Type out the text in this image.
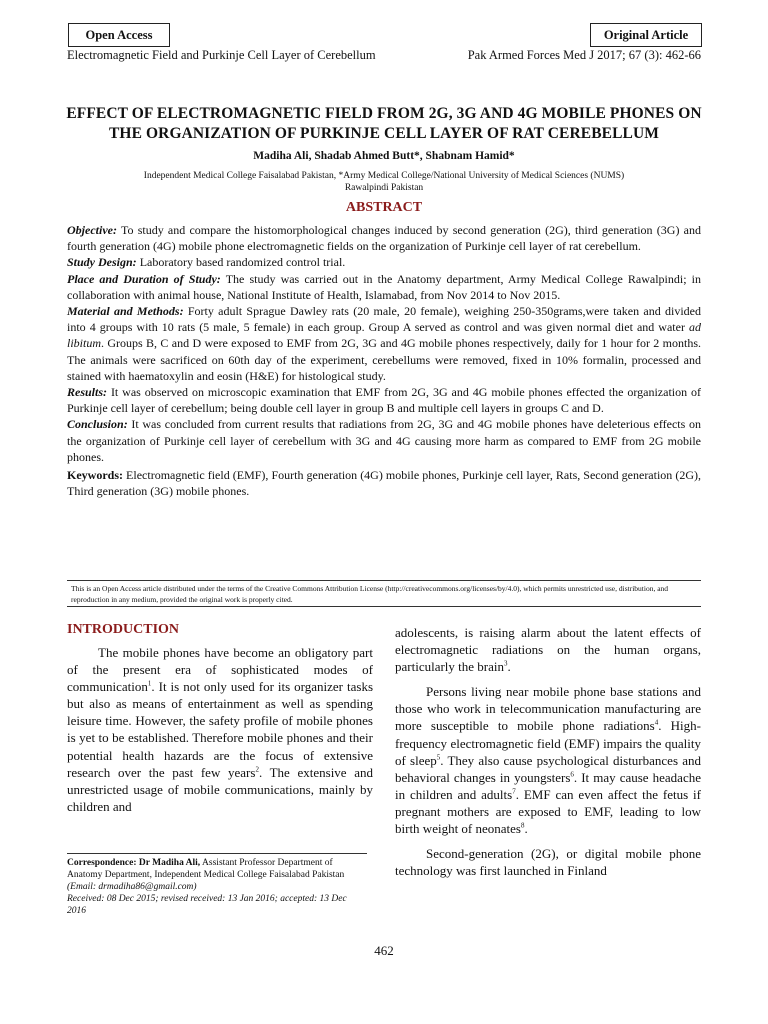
Open Access	Original Article
Electromagnetic Field and Purkinje Cell Layer of Cerebellum	Pak Armed Forces Med J 2017; 67 (3): 462-66
EFFECT OF ELECTROMAGNETIC FIELD FROM 2G, 3G AND 4G MOBILE PHONES ON
THE ORGANIZATION OF PURKINJE CELL LAYER OF RAT CEREBELLUM
Madiha Ali, Shadab Ahmed Butt*, Shabnam Hamid*
Independent Medical College Faisalabad Pakistan, *Army Medical College/National University of Medical Sciences (NUMS)
Rawalpindi Pakistan
ABSTRACT

Objective: To study and compare the histomorphological changes induced by second generation (2G), third generation (3G) and fourth generation (4G) mobile phone electromagnetic fields on the organization of Purkinje cell layer of rat cerebellum.

Study Design: Laboratory based randomized control trial.

Place and Duration of Study: The study was carried out in the Anatomy department, Army Medical College Rawalpindi; in collaboration with animal house, National Institute of Health, Islamabad, from Nov 2014 to Nov 2015.

Material and Methods: Forty adult Sprague Dawley rats (20 male, 20 female), weighing 250-350grams,were taken and divided into 4 groups with 10 rats (5 male, 5 female) in each group. Group A served as control and was given normal diet and water ad libitum. Groups B, C and D were exposed to EMF from 2G, 3G and 4G mobile phones respectively, daily for 1 hour for 2 months. The animals were sacrificed on 60th day of the experiment, cerebellums were removed, fixed in 10% formalin, processed and stained with haematoxylin and eosin (H&E) for histological study.

Results: It was observed on microscopic examination that EMF from 2G, 3G and 4G mobile phones effected the organization of Purkinje cell layer of cerebellum; being double cell layer in group B and multiple cell layers in groups C and D.

Conclusion: It was concluded from current results that radiations from 2G, 3G and 4G mobile phones have deleterious effects on the organization of Purkinje cell layer of cerebellum with 3G and 4G causing more harm as compared to EMF from 2G mobile phones.

Keywords: Electromagnetic field (EMF), Fourth generation (4G) mobile phones, Purkinje cell layer, Rats, Second generation (2G), Third generation (3G) mobile phones.

This is an Open Access article distributed under the terms of the Creative Commons Attribution License (http://creativecommons.org/licenses/by/4.0), which permits unrestricted use, distribution, and reproduction in any medium, provided the original work is properly cited.
INTRODUCTION

The mobile phones have become an obligatory part of the present era of sophisticated modes of communication$^1$. It is not only used for its organizer tasks but also as means of entertainment as well as spending leisure time. However, the safety profile of mobile phones is yet to be established. Therefore mobile phones and their potential health hazards are the focus of extensive research over the past few years$^2$. The extensive and unrestricted usage of mobile communications, mainly by children and

Correspondence: Dr Madiha Ali, Assistant Professor Department of Anatomy Department, Independent Medical College Faisalabad Pakistan (Email: drmadiha86@gmail.com)
Received: 08 Dec 2015; revised received: 13 Jan 2016; accepted: 13 Dec 2016

adolescents, is raising alarm about the latent effects of electromagnetic radiations on the human organs, particularly the brain$^3$.

Persons living near mobile phone base stations and those who work in telecommunication manufacturing are more susceptible to mobile phone radiations$^4$. High-frequency electromagnetic field (EMF) impairs the quality of sleep$^5$. They also cause psychological disturbances and behavioral changes in youngsters$^6$. It may cause headache in children and adults$^7$. EMF can even affect the fetus if pregnant mothers are exposed to EMF, leading to low birth weight of neonates$^8$.

Second-generation (2G), or digital mobile phone technology was first launched in Finland

462
